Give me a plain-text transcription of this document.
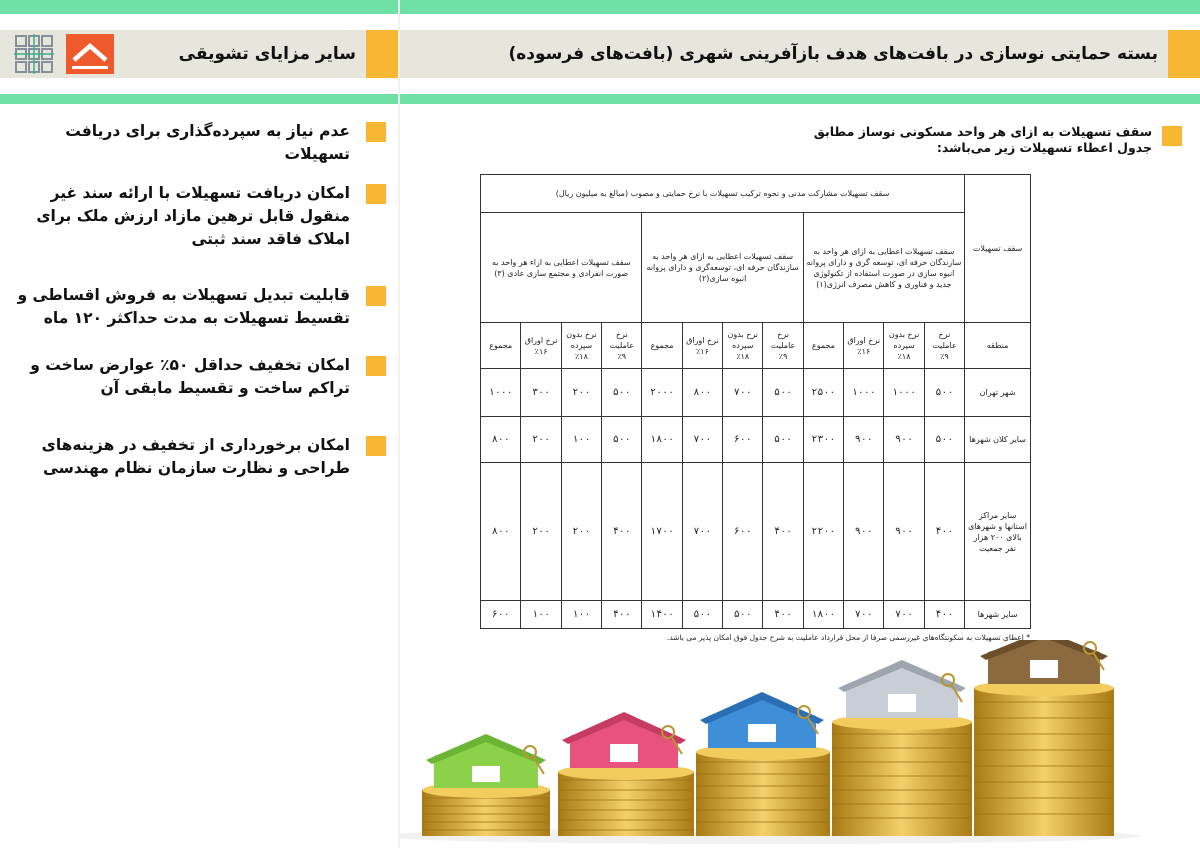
سایر مزایای تشویقی
عدم نیاز به سپرده‌گذاری برای دریافت تسهیلات
امکان دریافت تسهیلات با ارائه سند غیر منقول قابل ترهین مازاد ارزش ملک برای املاک فاقد سند ثبتی
قابلیت تبدیل تسهیلات به فروش اقساطی و تقسیط تسهیلات به مدت حداکثر ۱۲۰ ماه
امکان تخفیف حداقل ۵۰٪ عوارض ساخت و تراکم ساخت و تقسیط مابقی آن
امکان برخورداری از تخفیف در هزینه‌های طراحی و نظارت سازمان نظام مهندسی
بسته حمایتی نوسازی در بافت‌های هدف بازآفرینی شهری (بافت‌های فرسوده)
سقف تسهیلات به ازای هر واحد مسکونی نوساز مطابق
جدول اعطاء تسهیلات زیر می‌باشد:
سقف تسهیلات	سقف تسهیلات مشارکت مدنی و نحوه ترکیب تسهیلات با نرخ حمایتی و مصوب (مبالغ به میلیون ریال)											
	سقف تسهیلات اعطایی به ازای هر واحد به سازندگان حرفه ای، توسعه گری و دارای پروانه انبوه سازی در صورت استفاده از تکنولوژی جدید و فناوری و کاهش مصرف انرژی(۱)				سقف تسهیلات اعطایی به ازای هر واحد به سازندگان حرفه ای، توسعه‌گری و دارای پروانه انبوه سازی(۲)				سقف تسهیلات اعطایی به ازاء هر واحد به صورت انفرادی و مجتمع سازی عادی (۳)			
منطقه	نرخ عاملیت ۹٪	نرخ بدون سپرده ۱۸٪	نرخ اوراق ۱۶٪	مجموع	نرخ عاملیت ۹٪	نرخ بدون سپرده ۱۸٪	نرخ اوراق ۱۶٪	مجموع	نرخ عاملیت ۹٪	نرخ بدون سپرده ۱۸٪	نرخ اوراق ۱۶٪	مجموع
شهر تهران	۵۰۰	۱۰۰۰	۱۰۰۰	۲۵۰۰	۵۰۰	۷۰۰	۸۰۰	۲۰۰۰	۵۰۰	۲۰۰	۳۰۰	۱۰۰۰
سایر کلان شهرها	۵۰۰	۹۰۰	۹۰۰	۲۳۰۰	۵۰۰	۶۰۰	۷۰۰	۱۸۰۰	۵۰۰	۱۰۰	۲۰۰	۸۰۰
سایر مراکز استانها و شهرهای بالای ۲۰۰ هزار نفر جمعیت	۴۰۰	۹۰۰	۹۰۰	۲۲۰۰	۴۰۰	۶۰۰	۷۰۰	۱۷۰۰	۴۰۰	۲۰۰	۲۰۰	۸۰۰
سایر شهرها	۴۰۰	۷۰۰	۷۰۰	۱۸۰۰	۴۰۰	۵۰۰	۵۰۰	۱۴۰۰	۴۰۰	۱۰۰	۱۰۰	۶۰۰
* اعطای تسهیلات به سکونتگاه‌های غیررسمی صرفا از محل قرارداد عاملیت به شرح جدول فوق امکان پذیر می باشد.
